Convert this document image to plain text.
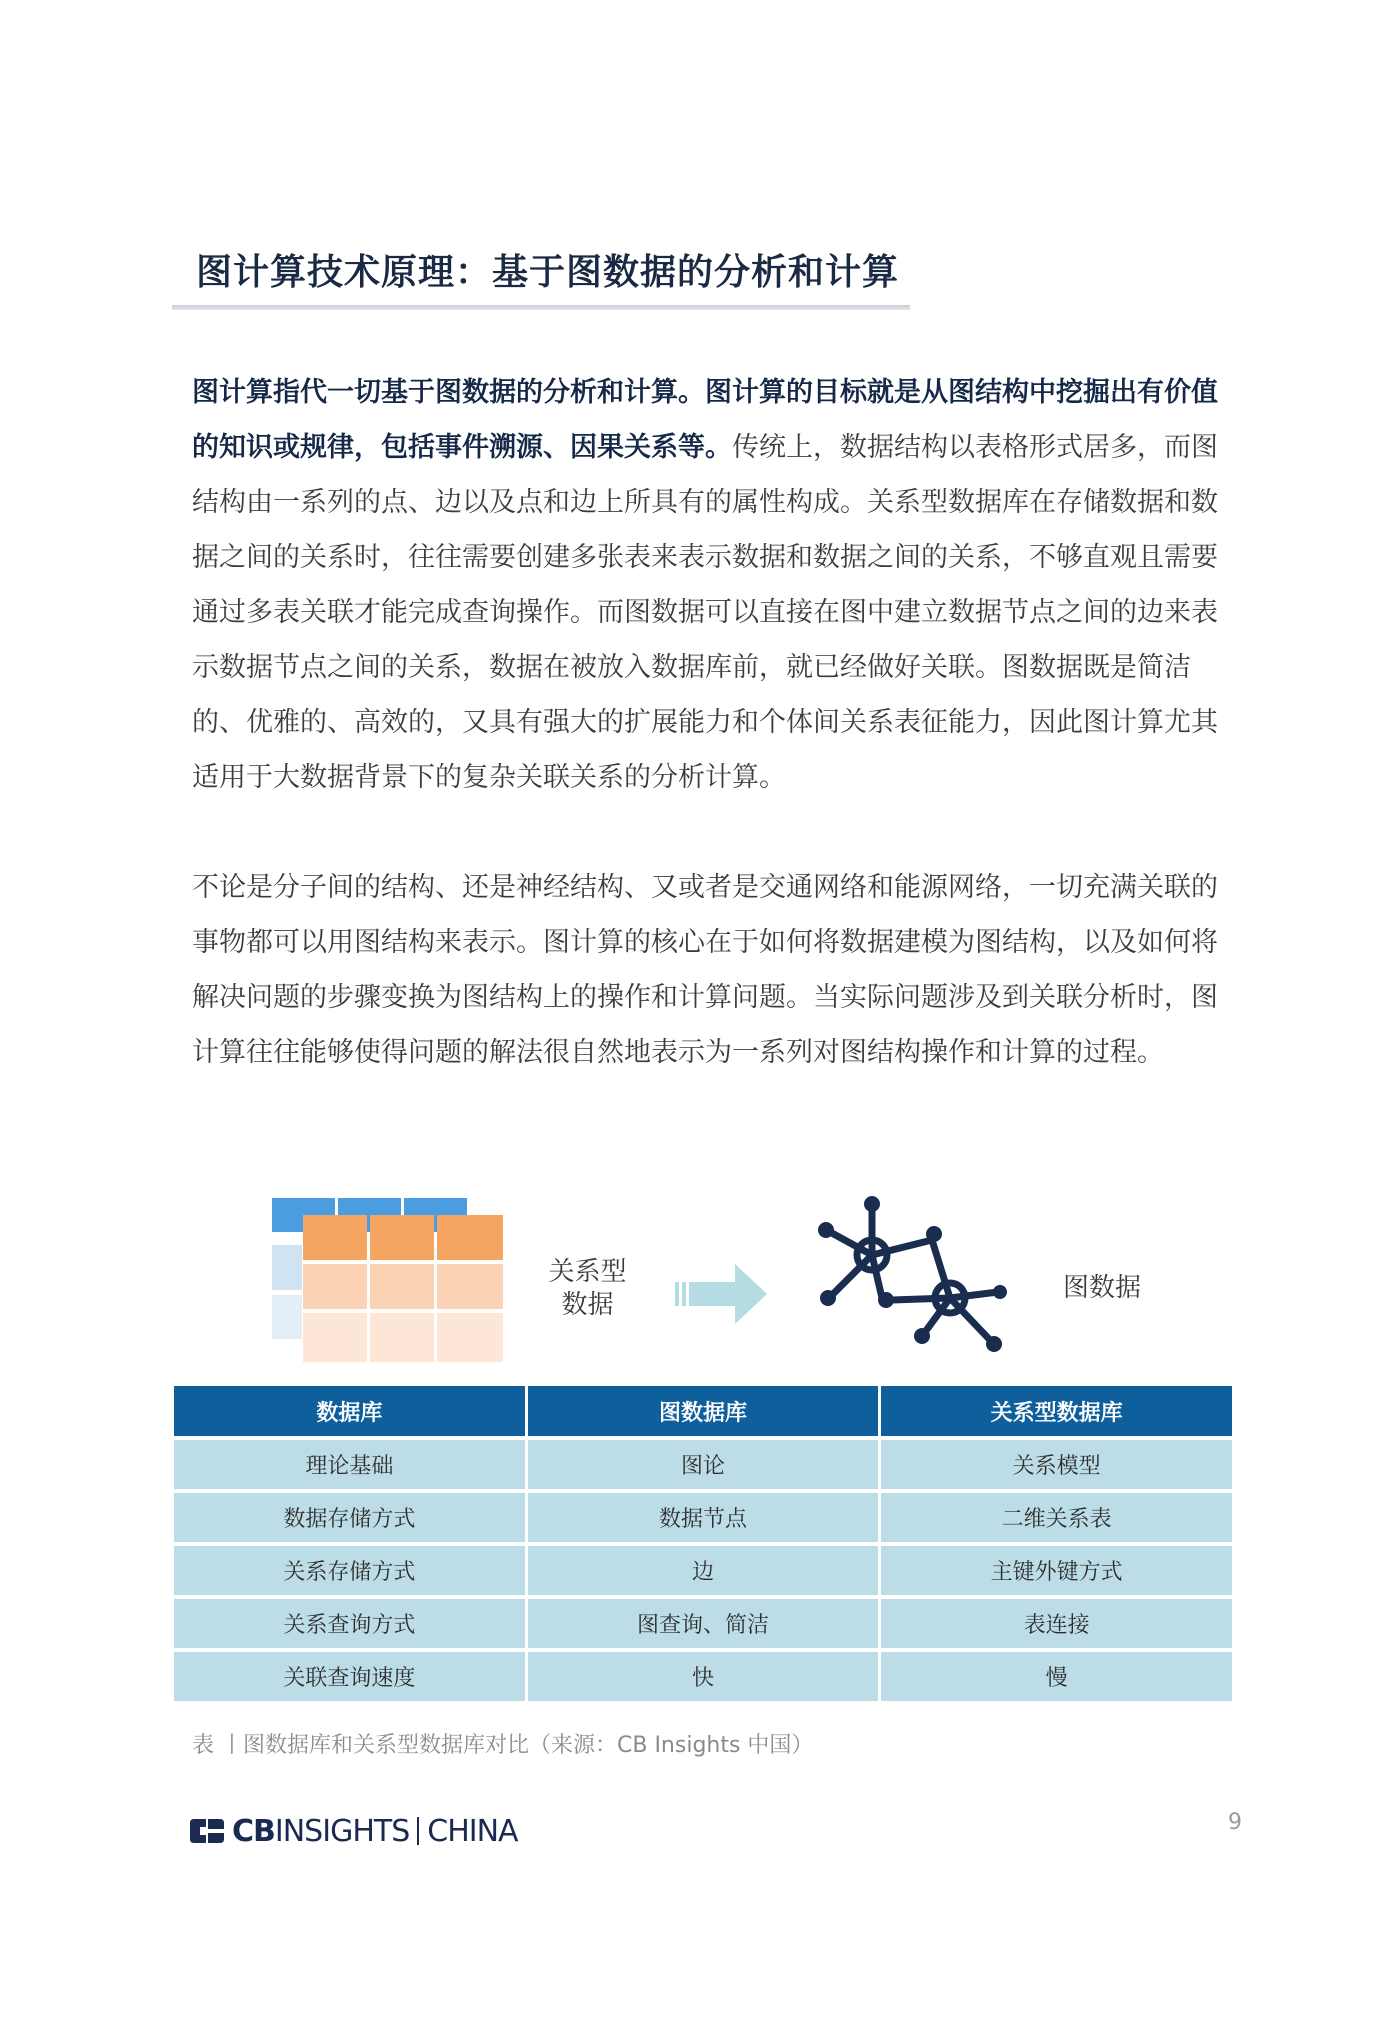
图计算技术原理：基于图数据的分析和计算

图计算指代一切基于图数据的分析和计算。图计算的目标就是从图结构中挖掘出有价值的知识或规律，包括事件溯源、因果关系等。传统上，数据结构以表格形式居多，而图结构由一系列的点、边以及点和边上所具有的属性构成。关系型数据库在存储数据和数据之间的关系时，往往需要创建多张表来表示数据和数据之间的关系，不够直观且需要通过多表关联才能完成查询操作。而图数据可以直接在图中建立数据节点之间的边来表示数据节点之间的关系，数据在被放入数据库前，就已经做好关联。图数据既是简洁的、优雅的、高效的，又具有强大的扩展能力和个体间关系表征能力，因此图计算尤其适用于大数据背景下的复杂关联关系的分析计算。

不论是分子间的结构、还是神经结构、又或者是交通网络和能源网络，一切充满关联的事物都可以用图结构来表示。图计算的核心在于如何将数据建模为图结构，以及如何将解决问题的步骤变换为图结构上的操作和计算问题。当实际问题涉及到关联分析时，图计算往往能够使得问题的解法很自然地表示为一系列对图结构操作和计算的过程。

关系型
数据
图数据
数据库	图数据库	关系型数据库
理论基础	图论	关系模型
数据存储方式	数据节点	二维关系表
关系存储方式	边	主键外键方式
关系查询方式	图查询、简洁	表连接
关联查询速度	快	慢
表 丨图数据库和关系型数据库对比（来源：CB Insights 中国）
CB INSIGHTS CHINA	9
